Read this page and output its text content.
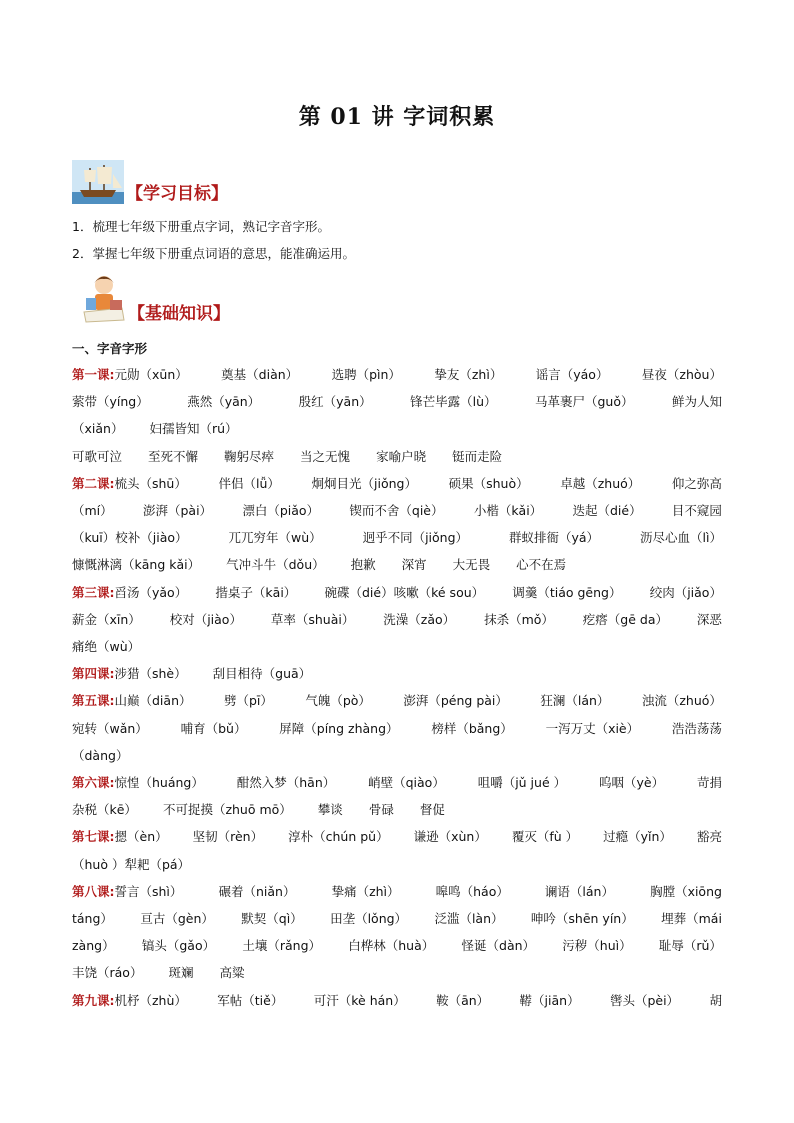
第 01 讲 字词积累
【学习目标】
1．梳理七年级下册重点字词，熟记字音字形。
2．掌握七年级下册重点词语的意思，能准确运用。
【基础知识】
一、字音字形
第一课:元勋（xūn）	奠基（diàn）	选聘（pìn）	挚友（zhì）	谣言（yáo）	昼夜（zhòu）
萦带（yíng）	燕然（yān）	殷红（yān）	锋芒毕露（lù）	马革裹尸（guǒ）	鲜为人知
（xiǎn） 妇孺皆知（rú）
可歌可泣 至死不懈 鞠躬尽瘁 当之无愧 家喻户晓 铤而走险
第二课:梳头（shū）	伴侣（lǚ）	炯炯目光（jiǒng）	硕果（shuò）	卓越（zhuó）	仰之弥高
（mí） 澎湃（pài） 漂白（piǎo） 锲而不舍（qiè） 小楷（kǎi） 迭起（dié） 目不窥园
（kuī）校补（jiào）	兀兀穷年（wù）	迥乎不同（jiǒng）	群蚁排衙（yá）	沥尽心血（lì）
慷慨淋漓（kāng kǎi） 气冲斗牛（dǒu） 抱歉 深宵 大无畏 心不在焉
第三课:舀汤（yǎo） 揩桌子（kāi） 碗碟（dié）咳嗽（ké sou） 调羹（tiáo gēng） 绞肉（jiǎo）
薪金（xīn） 校对（jiào） 草率（shuài） 洗澡（zǎo） 抹杀（mǒ） 疙瘩（gē da） 深恶
痛绝（wù）
第四课:涉猎（shè） 刮目相待（guā）
第五课:山巅（diān）	劈（pī）	气魄（pò）	澎湃（péng pài）	狂澜（lán）	浊流（zhuó）
宛转（wǎn）	哺育（bǔ）	屏障（píng zhàng）	榜样（bǎng）	一泻万丈（xiè）	浩浩荡荡
（dàng）
第六课:惊惶（huáng）	酣然入梦（hān）	峭壁（qiào）	咀嚼（jǔ jué ）	呜咽（yè）	苛捐
杂税（kē） 不可捉摸（zhuō mō） 攀谈 骨碌 督促
第七课:摁（èn） 坚韧（rèn） 淳朴（chún pǔ） 谦逊（xùn） 覆灭（fù ） 过瘾（yǐn） 豁亮
（huò ）犁耙（pá）
第八课:誓言（shì）	碾着（niǎn）	挚痛（zhì）	嗥鸣（háo）	谰语（lán）	胸膛（xiōng
táng） 亘古（gèn） 默契（qì） 田垄（lǒng） 泛滥（làn） 呻吟（shēn yín） 埋葬（mái
zàng） 镐头（gǎo） 土壤（rǎng） 白桦林（huà） 怪诞（dàn） 污秽（huì） 耻辱（rǔ）
丰饶（ráo） 斑斓 高粱
第九课:机杼（zhù） 军帖（tiě） 可汗（kè hán） 鞍（ān） 鞯（jiān） 辔头（pèi） 胡
